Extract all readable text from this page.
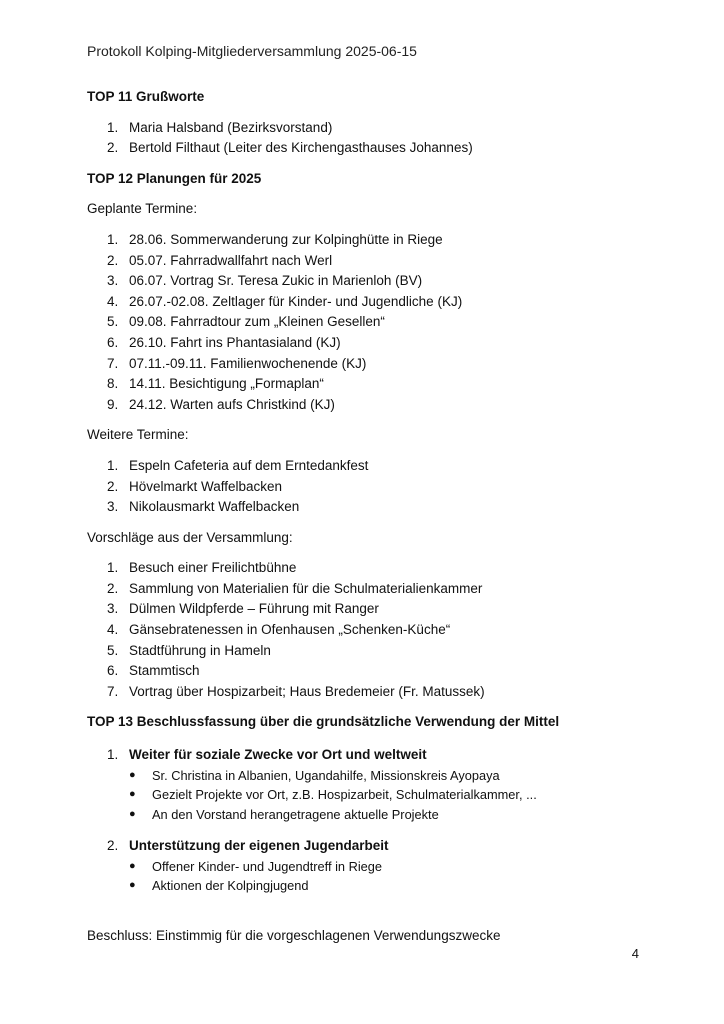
Protokoll Kolping-Mitgliederversammlung 2025-06-15

TOP 11 Grußworte

1. Maria Halsband (Bezirksvorstand)
2. Bertold Filthaut (Leiter des Kirchengasthauses Johannes)

TOP 12 Planungen für 2025

Geplante Termine:

1. 28.06. Sommerwanderung zur Kolpinghütte in Riege
2. 05.07. Fahrradwallfahrt nach Werl
3. 06.07. Vortrag Sr. Teresa Zukic in Marienloh (BV)
4. 26.07.-02.08. Zeltlager für Kinder- und Jugendliche (KJ)
5. 09.08. Fahrradtour zum „Kleinen Gesellen“
6. 26.10. Fahrt ins Phantasialand (KJ)
7. 07.11.-09.11. Familienwochenende (KJ)
8. 14.11. Besichtigung „Formaplan“
9. 24.12. Warten aufs Christkind (KJ)

Weitere Termine:

1. Espeln Cafeteria auf dem Erntedankfest
2. Hövelmarkt Waffelbacken
3. Nikolausmarkt Waffelbacken

Vorschläge aus der Versammlung:

1. Besuch einer Freilichtbühne
2. Sammlung von Materialien für die Schulmaterialienkammer
3. Dülmen Wildpferde – Führung mit Ranger
4. Gänsebratenessen in Ofenhausen „Schenken-Küche“
5. Stadtführung in Hameln
6. Stammtisch
7. Vortrag über Hospizarbeit; Haus Bredemeier (Fr. Matussek)

TOP 13 Beschlussfassung über die grundsätzliche Verwendung der Mittel

1. Weiter für soziale Zwecke vor Ort und weltweit
● Sr. Christina in Albanien, Ugandahilfe, Missionskreis Ayopaya
● Gezielt Projekte vor Ort, z.B. Hospizarbeit, Schulmaterialkammer, ...
● An den Vorstand herangetragene aktuelle Projekte
2. Unterstützung der eigenen Jugendarbeit
● Offener Kinder- und Jugendtreff in Riege
● Aktionen der Kolpingjugend

Beschluss: Einstimmig für die vorgeschlagenen Verwendungszwecke

4
